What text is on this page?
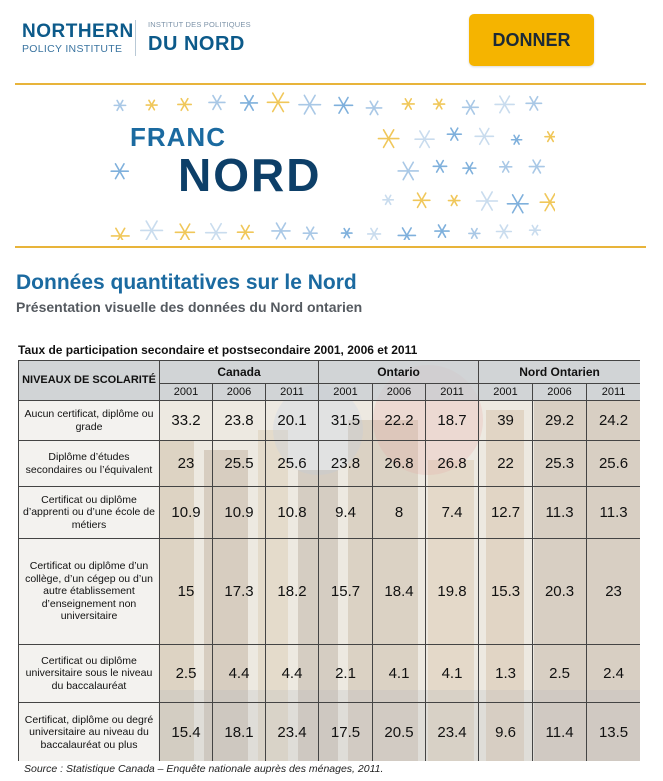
NORTHERN
POLICY INSTITUTE
INSTITUT DES POLITIQUES
DU NORD	DONNER
FRANC
NORD
Données quantitatives sur le Nord
Présentation visuelle des données du Nord ontarien
Taux de participation secondaire et postsecondaire 2001, 2006 et 2011
NIVEAUX DE SCOLARITÉ	Canada			Ontario			Nord Ontarien		
	2001	2006	2011	2001	2006	2011	2001	2006	2011
Aucun certificat, diplôme ou grade	33.2	23.8	20.1	31.5	22.2	18.7	39	29.2	24.2
Diplôme d’études secondaires ou l’équivalent	23	25.5	25.6	23.8	26.8	26.8	22	25.3	25.6
Certificat ou diplôme d’apprenti ou d’une école de métiers	10.9	10.9	10.8	9.4	8	7.4	12.7	11.3	11.3
Certificat ou diplôme d’un collège, d’un cégep ou d’un autre établissement d’enseignement non universitaire	15	17.3	18.2	15.7	18.4	19.8	15.3	20.3	23
Certificat ou diplôme universitaire sous le niveau du baccalauréat	2.5	4.4	4.4	2.1	4.1	4.1	1.3	2.5	2.4
Certificat, diplôme ou degré universitaire au niveau du baccalauréat ou plus	15.4	18.1	23.4	17.5	20.5	23.4	9.6	11.4	13.5
Source : Statistique Canada – Enquête nationale auprès des ménages, 2011.
